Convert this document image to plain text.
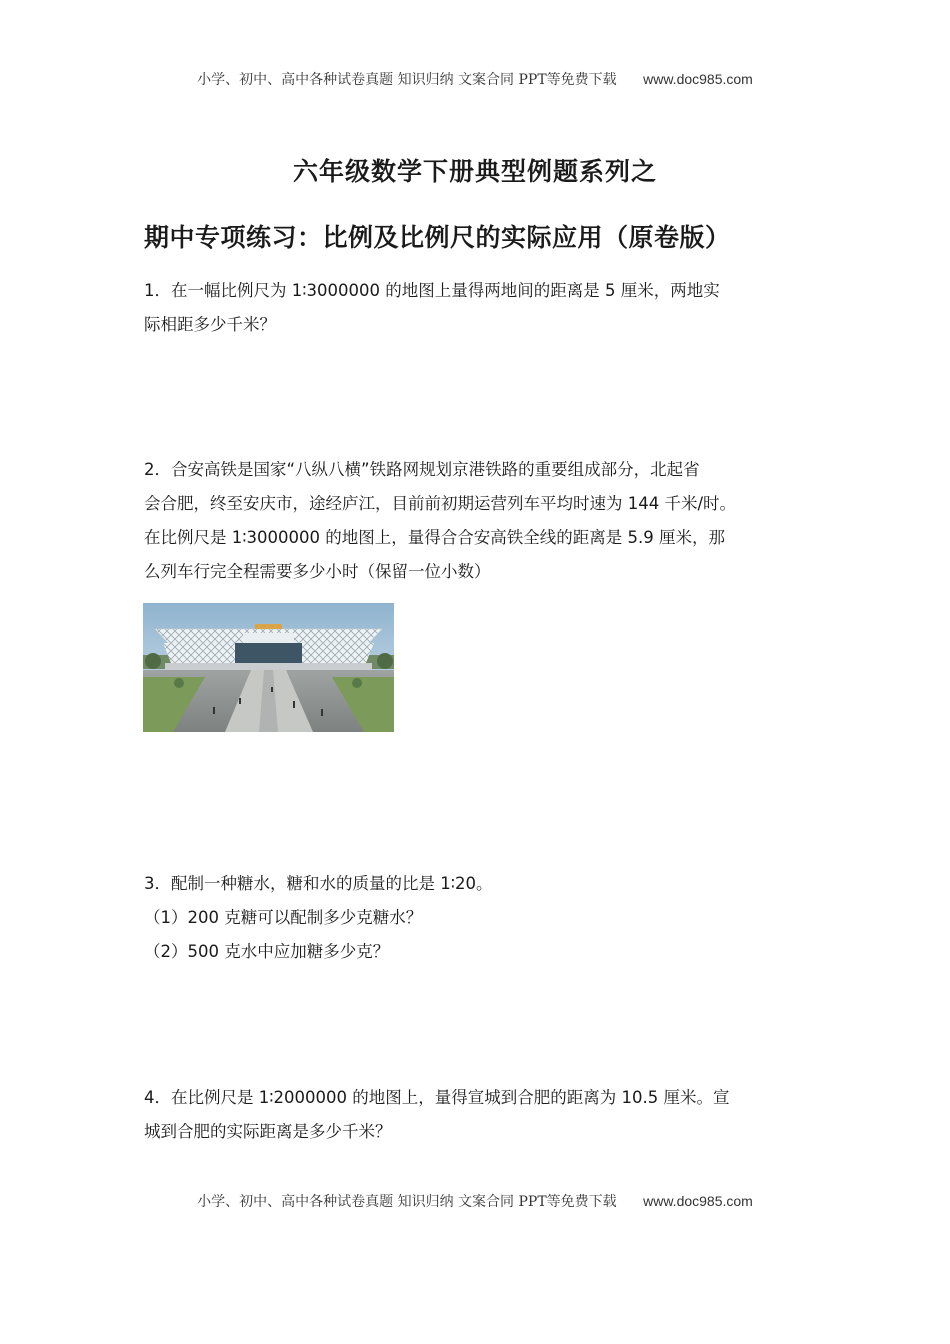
小学、初中、高中各种试卷真题 知识归纳 文案合同 PPT等免费下载 www.doc985.com
六年级数学下册典型例题系列之
期中专项练习：比例及比例尺的实际应用（原卷版）
1．在一幅比例尺为 1∶3000000 的地图上量得两地间的距离是 5 厘米，两地实
际相距多少千米？
2．合安高铁是国家“八纵八横”铁路网规划京港铁路的重要组成部分，北起省
会合肥，终至安庆市，途经庐江，目前前初期运营列车平均时速为 144 千米/时。
在比例尺是 1∶3000000 的地图上，量得合合安高铁全线的距离是 5.9 厘米，那
么列车行完全程需要多少小时（保留一位小数）
3．配制一种糖水，糖和水的质量的比是 1∶20。
（1）200 克糖可以配制多少克糖水？
（2）500 克水中应加糖多少克？
4．在比例尺是 1∶2000000 的地图上，量得宣城到合肥的距离为 10.5 厘米。宣
城到合肥的实际距离是多少千米？
小学、初中、高中各种试卷真题 知识归纳 文案合同 PPT等免费下载 www.doc985.com
